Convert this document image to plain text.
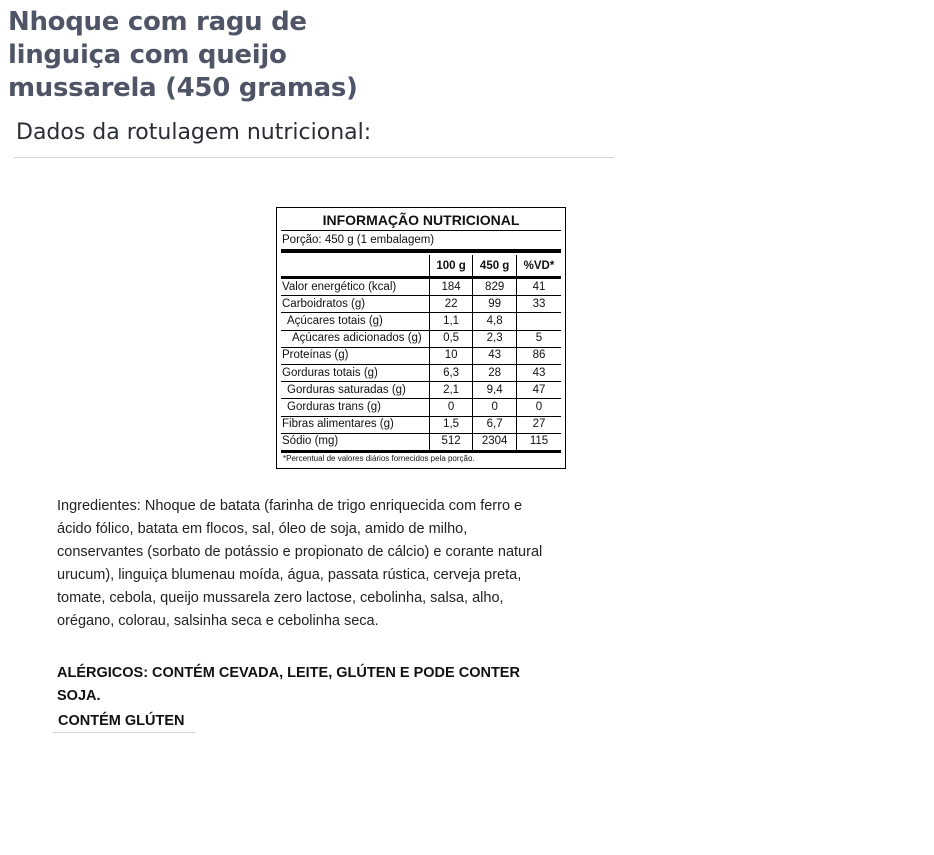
Nhoque com ragu de linguiça com queijo mussarela (450 gramas)
Dados da rotulagem nutricional:
INFORMAÇÃO NUTRICIONAL
Porção: 450 g (1 embalagem)
	100 g	450 g	%VD*
Valor energético (kcal)	184	829	41
Carboidratos (g)	22	99	33
Açúcares totais (g)	1,1	4,8	
Açúcares adicionados (g)	0,5	2,3	5
Proteínas (g)	10	43	86
Gorduras totais (g)	6,3	28	43
Gorduras saturadas (g)	2,1	9,4	47
Gorduras trans (g)	0	0	0
Fibras alimentares (g)	1,5	6,7	27
Sódio (mg)	512	2304	115
*Percentual de valores diários fornecidos pela porção.
Ingredientes: Nhoque de batata (farinha de trigo enriquecida com ferro e ácido fólico, batata em flocos, sal, óleo de soja, amido de milho, conservantes (sorbato de potássio e propionato de cálcio) e corante natural urucum), linguiça blumenau moída, água, passata rústica, cerveja preta, tomate, cebola, queijo mussarela zero lactose, cebolinha, salsa, alho, orégano, colorau, salsinha seca e cebolinha seca.
ALÉRGICOS: CONTÉM CEVADA, LEITE, GLÚTEN E PODE CONTER SOJA.
CONTÉM GLÚTEN
